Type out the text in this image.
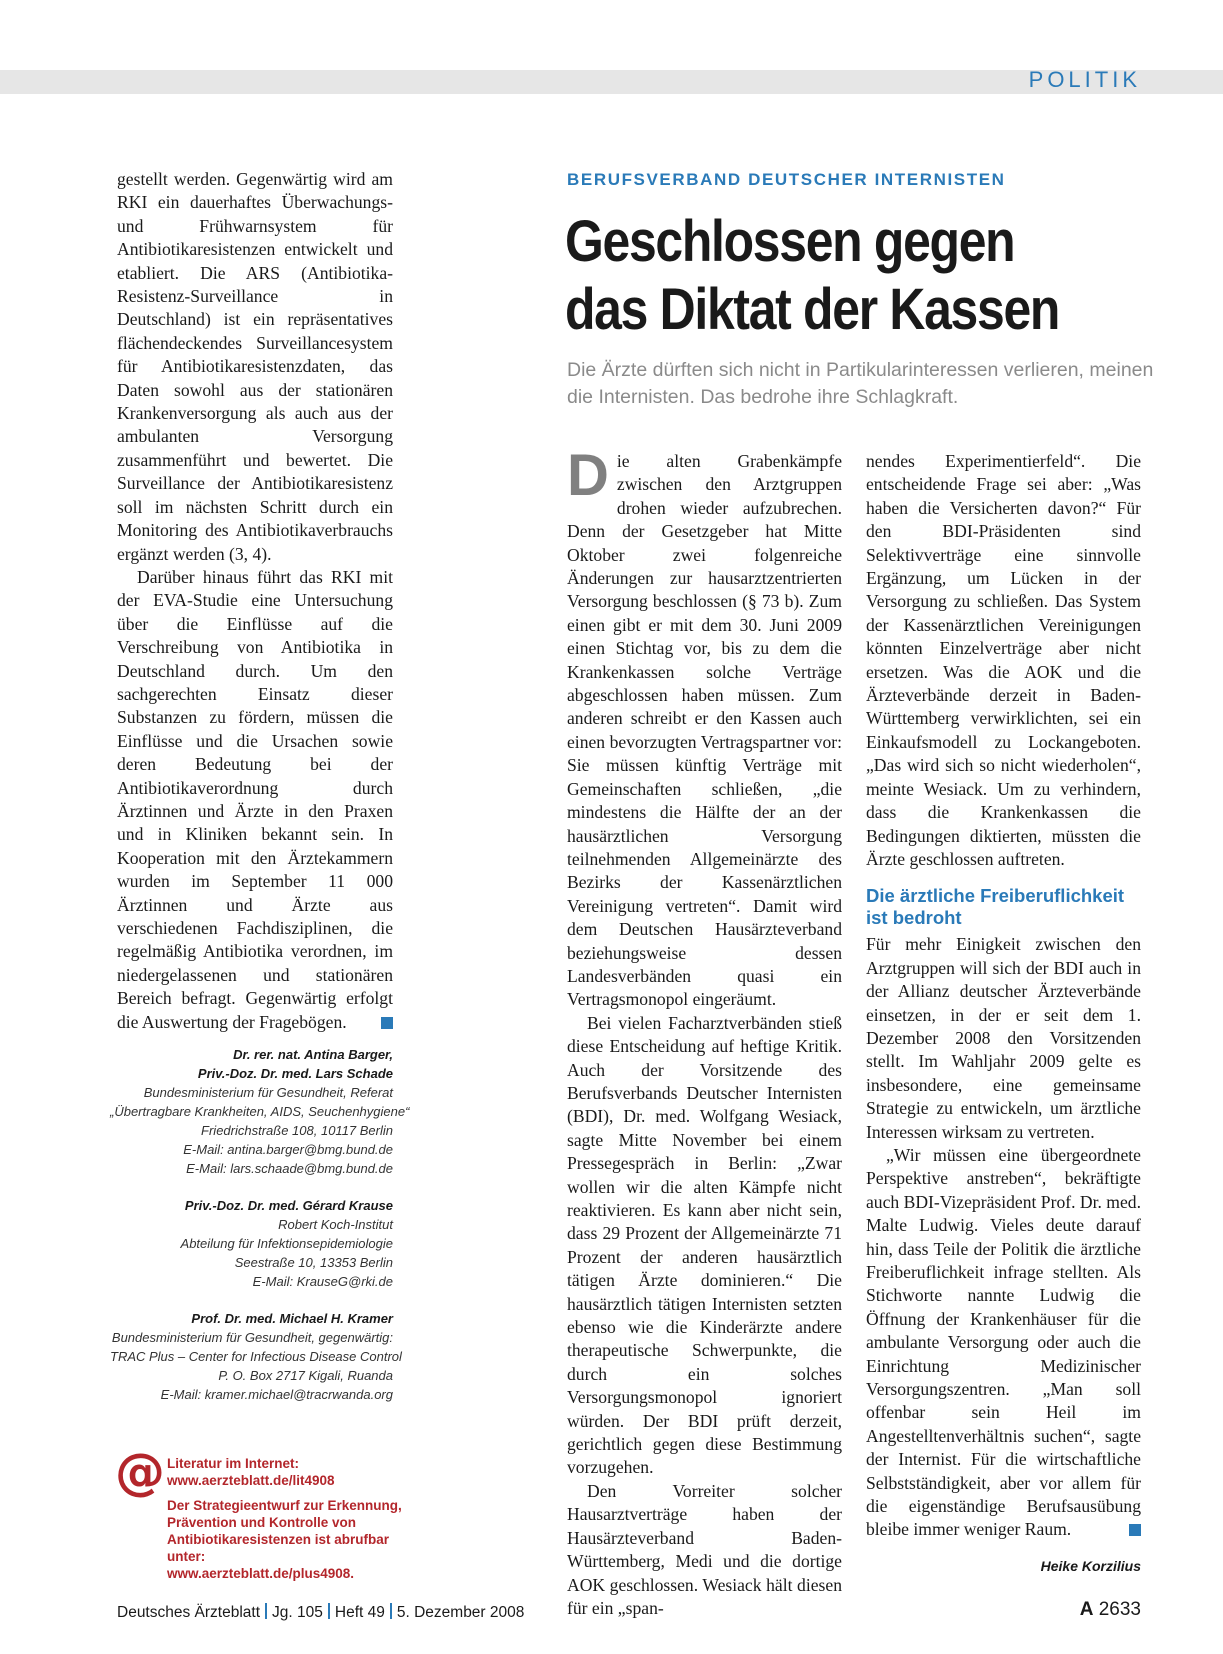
POLITIK

gestellt werden. Gegenwärtig wird am RKI ein dauerhaftes Überwachungs- und Frühwarnsystem für Antibiotikaresistenzen entwickelt und etabliert. Die ARS (Antibiotika-Resistenz-Surveillance in Deutschland) ist ein repräsentatives flächendeckendes Surveillancesystem für Antibiotikaresistenzdaten, das Daten sowohl aus der stationären Krankenversorgung als auch aus der ambulanten Versorgung zusammenführt und bewertet. Die Surveillance der Antibiotikaresistenz soll im nächsten Schritt durch ein Monitoring des Antibiotikaverbrauchs ergänzt werden (3, 4).

Darüber hinaus führt das RKI mit der EVA-Studie eine Untersuchung über die Einflüsse auf die Verschreibung von Antibiotika in Deutschland durch. Um den sachgerechten Einsatz dieser Substanzen zu fördern, müssen die Einflüsse und die Ursachen sowie deren Bedeutung bei der Antibiotikaverordnung durch Ärztinnen und Ärzte in den Praxen und in Kliniken bekannt sein. In Kooperation mit den Ärztekammern wurden im September 11 000 Ärztinnen und Ärzte aus verschiedenen Fachdisziplinen, die regelmäßig Antibiotika verordnen, im niedergelassenen und stationären Bereich befragt. Gegenwärtig erfolgt die Auswertung der Fragebögen.

Dr. rer. nat. Antina Barger,
Priv.-Doz. Dr. med. Lars Schade
Bundesministerium für Gesundheit, Referat
„Übertragbare Krankheiten, AIDS, Seuchenhygiene“
Friedrichstraße 108, 10117 Berlin
E-Mail: antina.barger@bmg.bund.de
E-Mail: lars.schaade@bmg.bund.de
Priv.-Doz. Dr. med. Gérard Krause
Robert Koch-Institut
Abteilung für Infektionsepidemiologie
Seestraße 10, 13353 Berlin
E-Mail: KrauseG@rki.de
Prof. Dr. med. Michael H. Kramer
Bundesministerium für Gesundheit, gegenwärtig:
TRAC Plus – Center for Infectious Disease Control
P. O. Box 2717 Kigali, Ruanda
E-Mail: kramer.michael@tracrwanda.org
@ Literatur im Internet:
www.aerzteblatt.de/lit4908

Der Strategieentwurf zur Erkennung, Prävention und Kontrolle von Antibiotikaresistenzen ist abrufbar unter:
www.aerzteblatt.de/plus4908.

BERUFSVERBAND DEUTSCHER INTERNISTEN
Geschlossen gegen das Diktat der Kassen

Die Ärzte dürften sich nicht in Partikularinteressen verlieren, meinen die Internisten. Das bedrohe ihre Schlagkraft.

Die alten Grabenkämpfe zwischen den Arztgruppen drohen wieder aufzubrechen. Denn der Gesetzgeber hat Mitte Oktober zwei folgenreiche Änderungen zur hausarztzentrierten Versorgung beschlossen (§ 73 b). Zum einen gibt er mit dem 30. Juni 2009 einen Stichtag vor, bis zu dem die Krankenkassen solche Verträge abgeschlossen haben müssen. Zum anderen schreibt er den Kassen auch einen bevorzugten Vertragspartner vor: Sie müssen künftig Verträge mit Gemeinschaften schließen, „die mindestens die Hälfte der an der hausärztlichen Versorgung teilnehmenden Allgemeinärzte des Bezirks der Kassenärztlichen Vereinigung vertreten“. Damit wird dem Deutschen Hausärzteverband beziehungsweise dessen Landesverbänden quasi ein Vertragsmonopol eingeräumt.

Bei vielen Facharztverbänden stieß diese Entscheidung auf heftige Kritik. Auch der Vorsitzende des Berufsverbands Deutscher Internisten (BDI), Dr. med. Wolfgang Wesiack, sagte Mitte November bei einem Pressegespräch in Berlin: „Zwar wollen wir die alten Kämpfe nicht reaktivieren. Es kann aber nicht sein, dass 29 Prozent der Allgemeinärzte 71 Prozent der anderen hausärztlich tätigen Ärzte dominieren.“ Die hausärztlich tätigen Internisten setzten ebenso wie die Kinderärzte andere therapeutische Schwerpunkte, die durch ein solches Versorgungsmonopol ignoriert würden. Der BDI prüft derzeit, gerichtlich gegen diese Bestimmung vorzugehen.

Den Vorreiter solcher Hausarztverträge haben der Hausärzteverband Baden-Württemberg, Medi und die dortige AOK geschlossen. Wesiack hält diesen für ein „span-

nendes Experimentierfeld“. Die entscheidende Frage sei aber: „Was haben die Versicherten davon?“ Für den BDI-Präsidenten sind Selektivverträge eine sinnvolle Ergänzung, um Lücken in der Versorgung zu schließen. Das System der Kassenärztlichen Vereinigungen könnten Einzelverträge aber nicht ersetzen. Was die AOK und die Ärzteverbände derzeit in Baden-Württemberg verwirklichten, sei ein Einkaufsmodell zu Lockangeboten. „Das wird sich so nicht wiederholen“, meinte Wesiack. Um zu verhindern, dass die Krankenkassen die Bedingungen diktierten, müssten die Ärzte geschlossen auftreten.

Die ärztliche Freiberuflichkeit ist bedroht

Für mehr Einigkeit zwischen den Arztgruppen will sich der BDI auch in der Allianz deutscher Ärzteverbände einsetzen, in der er seit dem 1. Dezember 2008 den Vorsitzenden stellt. Im Wahljahr 2009 gelte es insbesondere, eine gemeinsame Strategie zu entwickeln, um ärztliche Interessen wirksam zu vertreten.

„Wir müssen eine übergeordnete Perspektive anstreben“, bekräftigte auch BDI-Vizepräsident Prof. Dr. med. Malte Ludwig. Vieles deute darauf hin, dass Teile der Politik die ärztliche Freiberuflichkeit infrage stellten. Als Stichworte nannte Ludwig die Öffnung der Krankenhäuser für die ambulante Versorgung oder auch die Einrichtung Medizinischer Versorgungszentren. „Man soll offenbar sein Heil im Angestelltenverhältnis suchen“, sagte der Internist. Für die wirtschaftliche Selbstständigkeit, aber vor allem für die eigenständige Berufsausübung bleibe immer weniger Raum.

Heike Korzilius
Deutsches Ärzteblatt Jg. 105 Heft 49 5. Dezember 2008	A 2633
